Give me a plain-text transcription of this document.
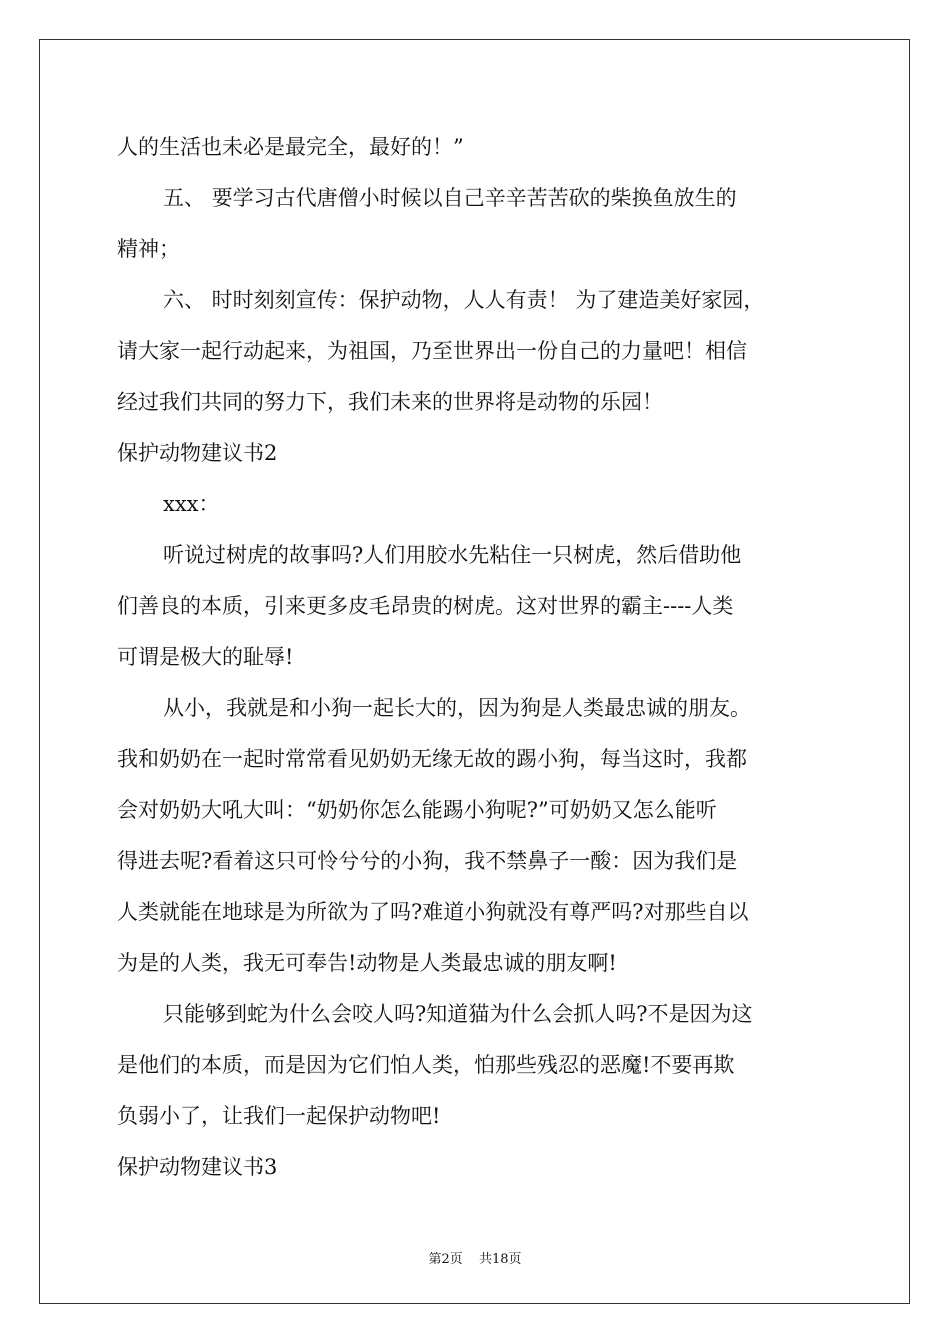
人的生活也未必是最完全，最好的！”
五、 要学习古代唐僧小时候以自己辛辛苦苦砍的柴换鱼放生的
精神；
六、 时时刻刻宣传：保护动物，人人有责！ 为了建造美好家园，
请大家一起行动起来，为祖国，乃至世界出一份自己的力量吧！相信
经过我们共同的努力下，我们未来的世界将是动物的乐园！
保护动物建议书2
xxx：
听说过树虎的故事吗?人们用胶水先粘住一只树虎，然后借助他
们善良的本质，引来更多皮毛昂贵的树虎。这对世界的霸主----人类
可谓是极大的耻辱!
从小，我就是和小狗一起长大的，因为狗是人类最忠诚的朋友。
我和奶奶在一起时常常看见奶奶无缘无故的踢小狗，每当这时，我都
会对奶奶大吼大叫：“奶奶你怎么能踢小狗呢?”可奶奶又怎么能听
得进去呢?看着这只可怜兮兮的小狗，我不禁鼻子一酸：因为我们是
人类就能在地球是为所欲为了吗?难道小狗就没有尊严吗?对那些自以
为是的人类，我无可奉告!动物是人类最忠诚的朋友啊!
只能够到蛇为什么会咬人吗?知道猫为什么会抓人吗?不是因为这
是他们的本质，而是因为它们怕人类，怕那些残忍的恶魔!不要再欺
负弱小了，让我们一起保护动物吧!
保护动物建议书3
第2页 共18页
